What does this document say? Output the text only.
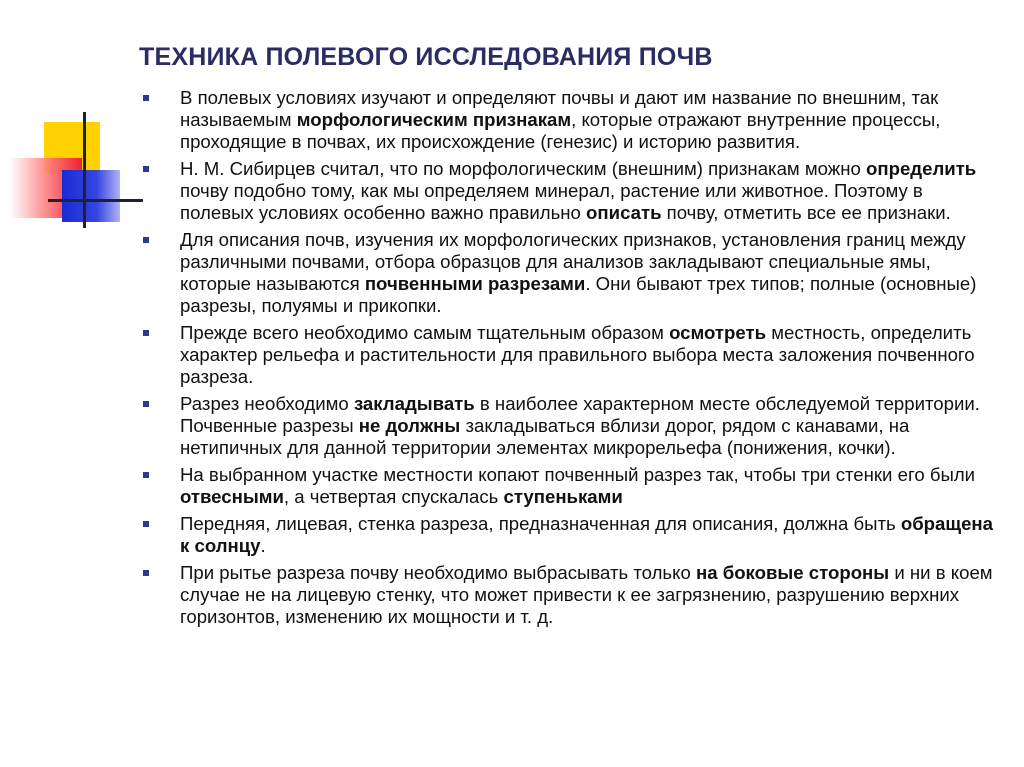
ТЕХНИКА ПОЛЕВОГО ИССЛЕДОВАНИЯ ПОЧВ
В полевых условиях изучают и определяют почвы и дают им название по внешним, так называемым морфологическим признакам, которые отражают внутренние процессы, проходящие в почвах, их происхождение (генезис) и историю развития.
Н. М. Сибирцев считал, что по морфологическим (внешним) признакам можно определить почву подобно тому, как мы определяем минерал, растение или животное. Поэтому в полевых условиях особенно важно правильно описать почву, отметить все ее признаки.
Для описания почв, изучения их морфологических признаков, установления границ между различными почвами, отбора образцов для анализов закладывают специальные ямы, которые называются почвенными разрезами. Они бывают трех типов; полные (основные) разрезы, полуямы и прикопки.
Прежде всего необходимо самым тщательным образом осмотреть местность, определить характер рельефа и растительности для правильного выбора места заложения почвенного разреза.
Разрез необходимо закладывать в наиболее характерном месте обследуемой территории. Почвенные разрезы не должны закладываться вблизи дорог, рядом с канавами, на нетипичных для данной территории элементах микрорельефа (понижения, кочки).
На выбранном участке местности копают почвенный разрез так, чтобы три стенки его были отвесными, а четвертая спускалась ступеньками
Передняя, лицевая, стенка разреза, предназначенная для описания, должна быть обращена к солнцу.
При рытье разреза почву необходимо выбрасывать только на боковые стороны и ни в коем случае не на лицевую стенку, что может привести к ее загрязнению, разрушению верхних горизонтов, изменению их мощности и т. д.
